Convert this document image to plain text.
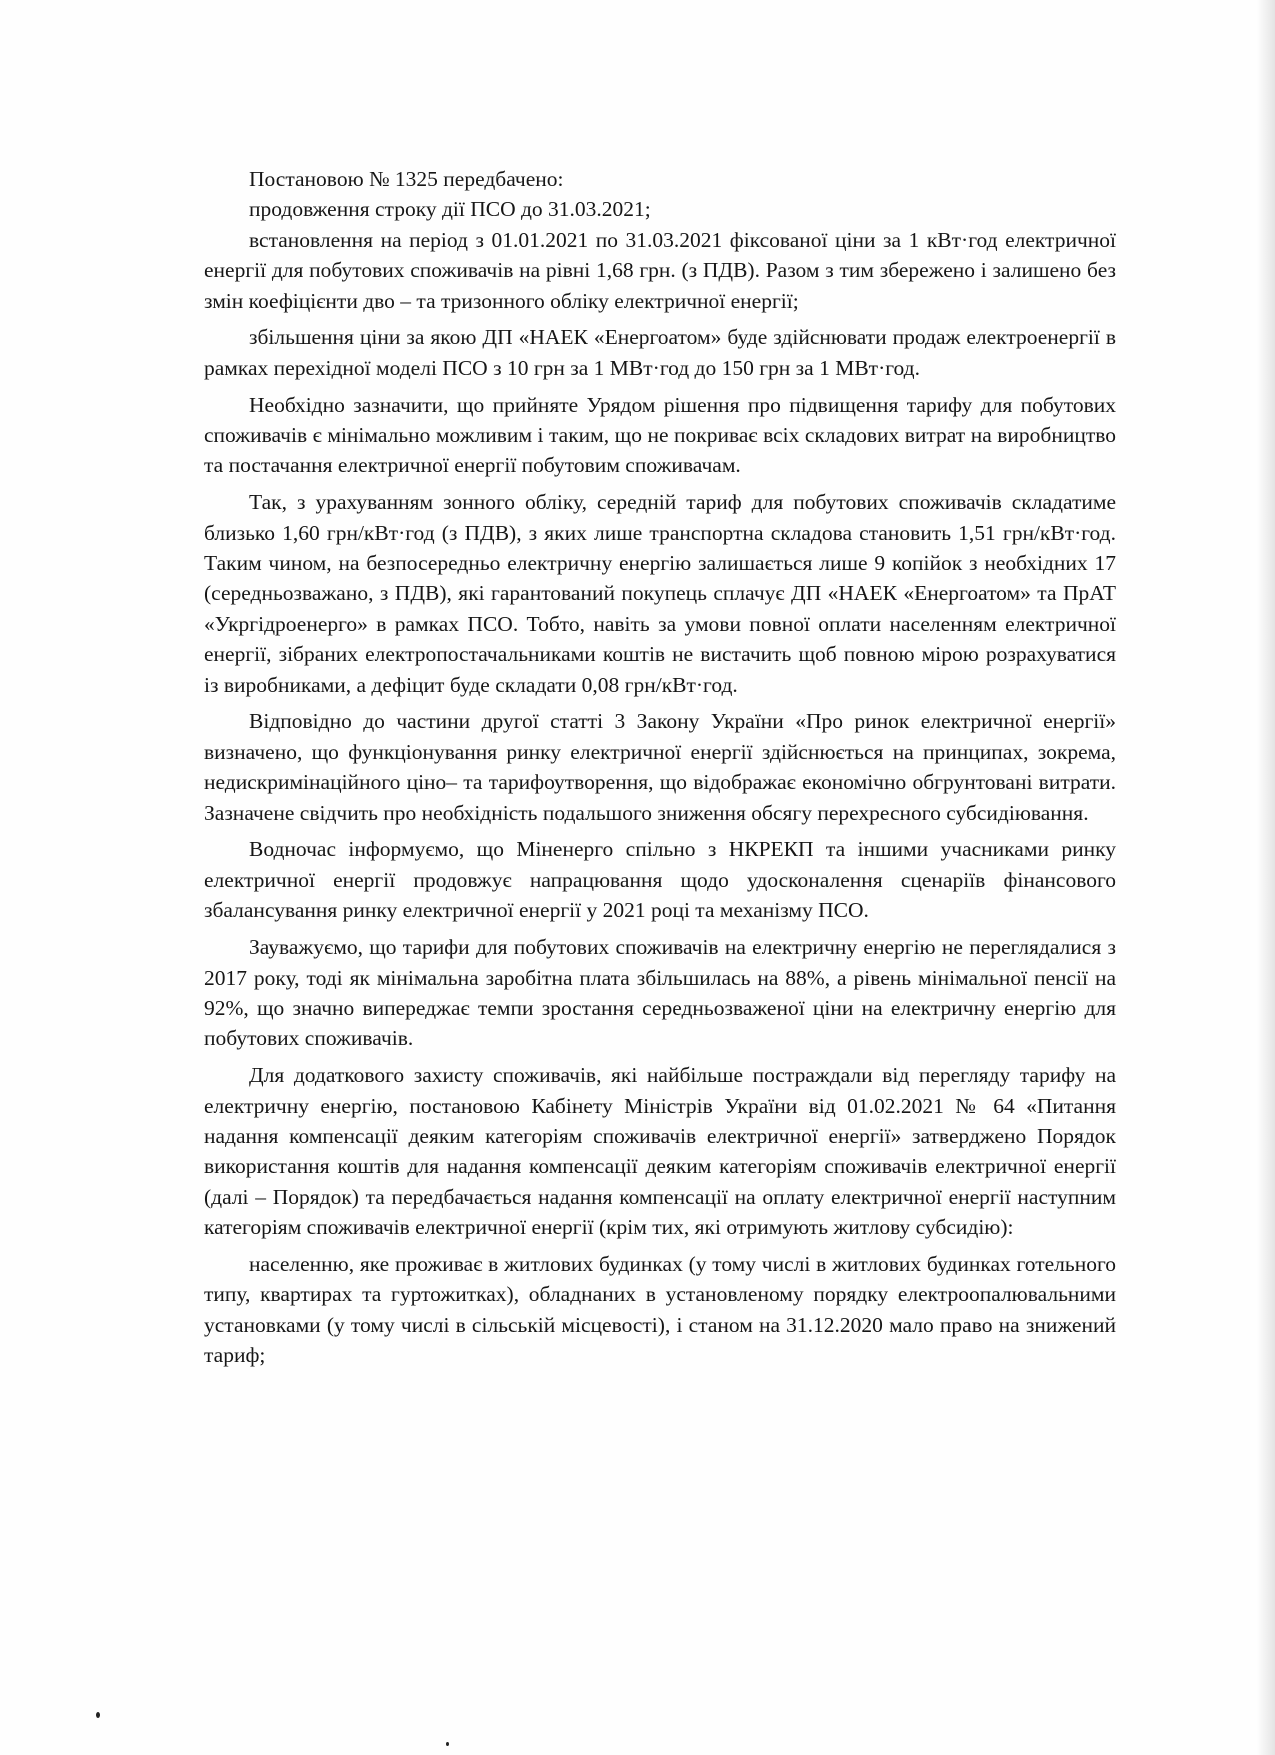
Постановою № 1325 передбачено:

продовження строку дії ПСО до 31.03.2021;

встановлення на період з 01.01.2021 по 31.03.2021 фіксованої ціни за 1 кВт·год електричної енергії для побутових споживачів на рівні 1,68 грн. (з ПДВ). Разом з тим збережено і залишено без змін коефіцієнти дво – та тризонного обліку електричної енергії;

збільшення ціни за якою ДП «НАЕК «Енергоатом» буде здійснювати продаж електроенергії в рамках перехідної моделі ПСО з 10 грн за 1 МВт·год до 150 грн за 1 МВт·год.

Необхідно зазначити, що прийняте Урядом рішення про підвищення тарифу для побутових споживачів є мінімально можливим і таким, що не покриває всіх складових витрат на виробництво та постачання електричної енергії побутовим споживачам.

Так, з урахуванням зонного обліку, середній тариф для побутових споживачів складатиме близько 1,60 грн/кВт·год (з ПДВ), з яких лише транспортна складова становить 1,51 грн/кВт·год. Таким чином, на безпосередньо електричну енергію залишається лише 9 копійок з необхідних 17 (середньозважано, з ПДВ), які гарантований покупець сплачує ДП «НАЕК «Енергоатом» та ПрАТ «Укргідроенерго» в рамках ПСО. Тобто, навіть за умови повної оплати населенням електричної енергії, зібраних електропостачальниками коштів не вистачить щоб повною мірою розрахуватися із виробниками, а дефіцит буде складати 0,08 грн/кВт·год.

Відповідно до частини другої статті 3 Закону України «Про ринок електричної енергії» визначено, що функціонування ринку електричної енергії здійснюється на принципах, зокрема, недискримінаційного ціно– та тарифоутворення, що відображає економічно обгрунтовані витрати. Зазначене свідчить про необхідність подальшого зниження обсягу перехресного субсидіювання.

Водночас інформуємо, що Міненерго спільно з НКРЕКП та іншими учасниками ринку електричної енергії продовжує напрацювання щодо удосконалення сценаріїв фінансового збалансування ринку електричної енергії у 2021 році та механізму ПСО.

Зауважуємо, що тарифи для побутових споживачів на електричну енергію не переглядалися з 2017 року, тоді як мінімальна заробітна плата збільшилась на 88%, а рівень мінімальної пенсії на 92%, що значно випереджає темпи зростання середньозваженої ціни на електричну енергію для побутових споживачів.

Для додаткового захисту споживачів, які найбільше постраждали від перегляду тарифу на електричну енергію, постановою Кабінету Міністрів України від 01.02.2021 № 64 «Питання надання компенсації деяким категоріям споживачів електричної енергії» затверджено Порядок використання коштів для надання компенсації деяким категоріям споживачів електричної енергії (далі – Порядок) та передбачається надання компенсації на оплату електричної енергії наступним категоріям споживачів електричної енергії (крім тих, які отримують житлову субсидію):

населенню, яке проживає в житлових будинках (у тому числі в житлових будинках готельного типу, квартирах та гуртожитках), обладнаних в установленому порядку електроопалювальними установками (у тому числі в сільській місцевості), і станом на 31.12.2020 мало право на знижений тариф;
